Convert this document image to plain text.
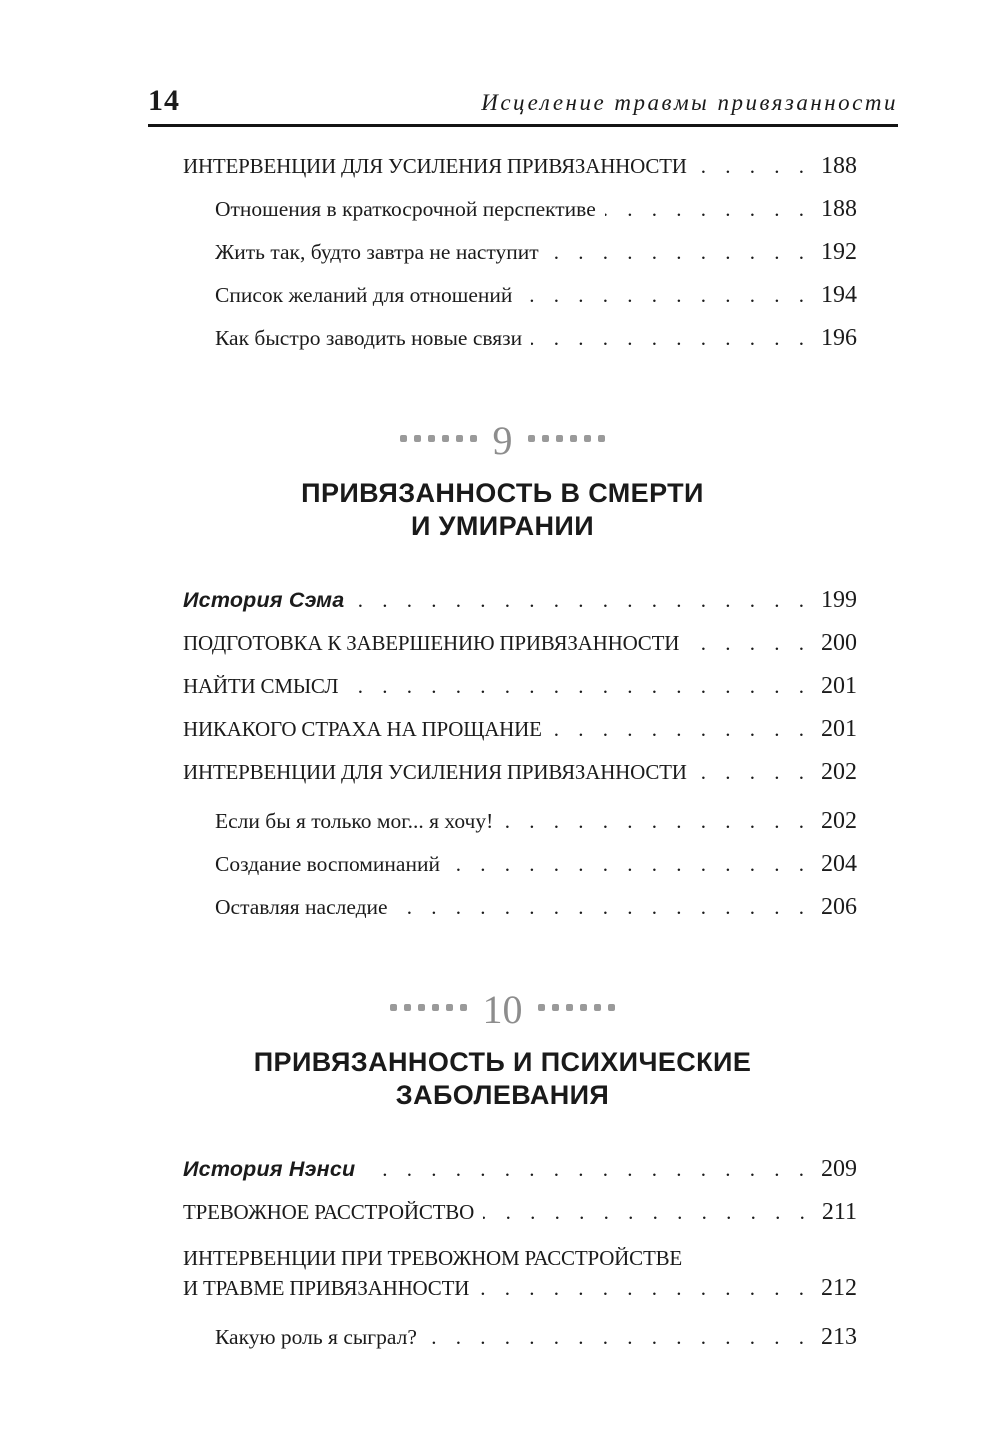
14	Исцеление травмы привязанности
ИНТЕРВЕНЦИИ ДЛЯ УСИЛЕНИЯ ПРИВЯЗАННОСТИ . . .	188
Отношения в краткосрочной перспективе . . .	188
Жить так, будто завтра не наступит . . .	192
Список желаний для отношений . . .	194
Как быстро заводить новые связи . . .	196
9
ПРИВЯЗАННОСТЬ В СМЕРТИ
И УМИРАНИИ
История Сэма . . .	199
ПОДГОТОВКА К ЗАВЕРШЕНИЮ ПРИВЯЗАННОСТИ . . .	200
НАЙТИ СМЫСЛ . . .	201
НИКАКОГО СТРАХА НА ПРОЩАНИЕ . . .	201
ИНТЕРВЕНЦИИ ДЛЯ УСИЛЕНИЯ ПРИВЯЗАННОСТИ . . .	202
Если бы я только мог... я хочу! . . .	202
Создание воспоминаний . . .	204
Оставляя наследие . . .	206
10
ПРИВЯЗАННОСТЬ И ПСИХИЧЕСКИЕ
ЗАБОЛЕВАНИЯ
История Нэнси . . .	209
ТРЕВОЖНОЕ РАССТРОЙСТВО . . .	211
ИНТЕРВЕНЦИИ ПРИ ТРЕВОЖНОМ РАССТРОЙСТВЕ
И ТРАВМЕ ПРИВЯЗАННОСТИ . . .	212
Какую роль я сыграл? . . .	213
